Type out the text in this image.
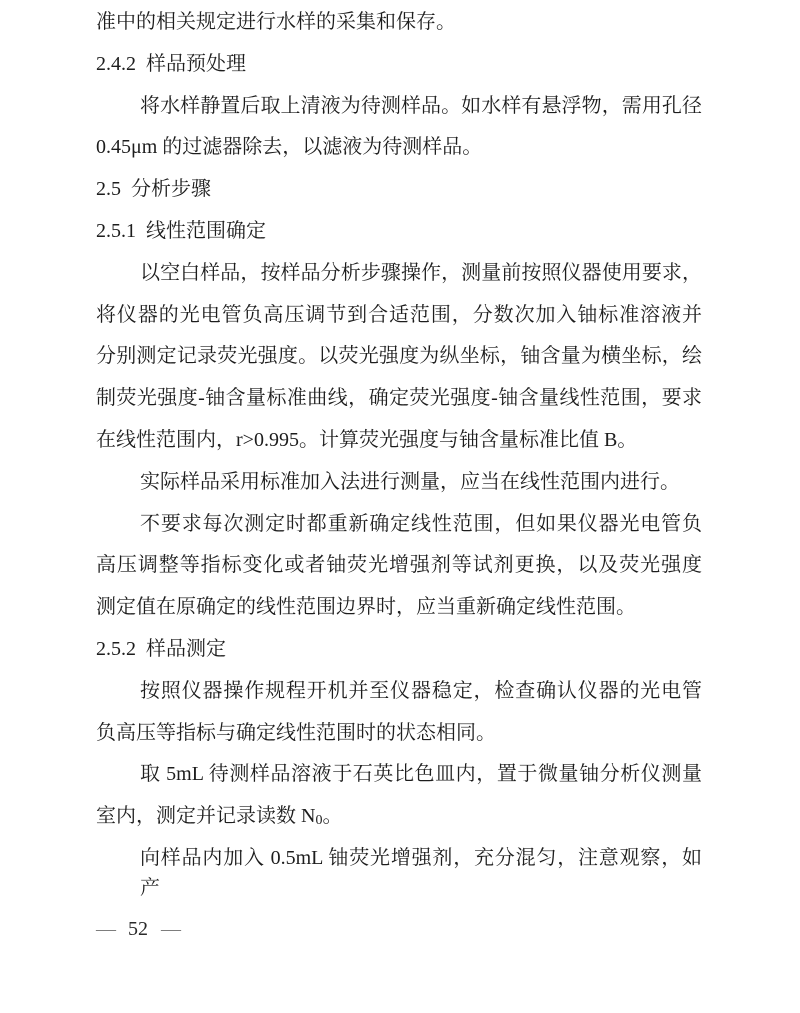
准中的相关规定进行水样的采集和保存。
2.4.2  样品预处理
将水样静置后取上清液为待测样品。如水样有悬浮物，需用孔径
0.45μm 的过滤器除去，以滤液为待测样品。
2.5  分析步骤
2.5.1  线性范围确定
以空白样品，按样品分析步骤操作，测量前按照仪器使用要求，
将仪器的光电管负高压调节到合适范围，分数次加入铀标准溶液并
分别测定记录荧光强度。以荧光强度为纵坐标，铀含量为横坐标，绘
制荧光强度-铀含量标准曲线，确定荧光强度-铀含量线性范围，要求
在线性范围内，r>0.995。计算荧光强度与铀含量标准比值 B。
实际样品采用标准加入法进行测量，应当在线性范围内进行。
不要求每次测定时都重新确定线性范围，但如果仪器光电管负
高压调整等指标变化或者铀荧光增强剂等试剂更换，以及荧光强度
测定值在原确定的线性范围边界时，应当重新确定线性范围。
2.5.2  样品测定
按照仪器操作规程开机并至仪器稳定，检查确认仪器的光电管
负高压等指标与确定线性范围时的状态相同。
取 5mL 待测样品溶液于石英比色皿内，置于微量铀分析仪测量
室内，测定并记录读数 N0。
向样品内加入 0.5mL 铀荧光增强剂，充分混匀，注意观察，如产
— 52 —
